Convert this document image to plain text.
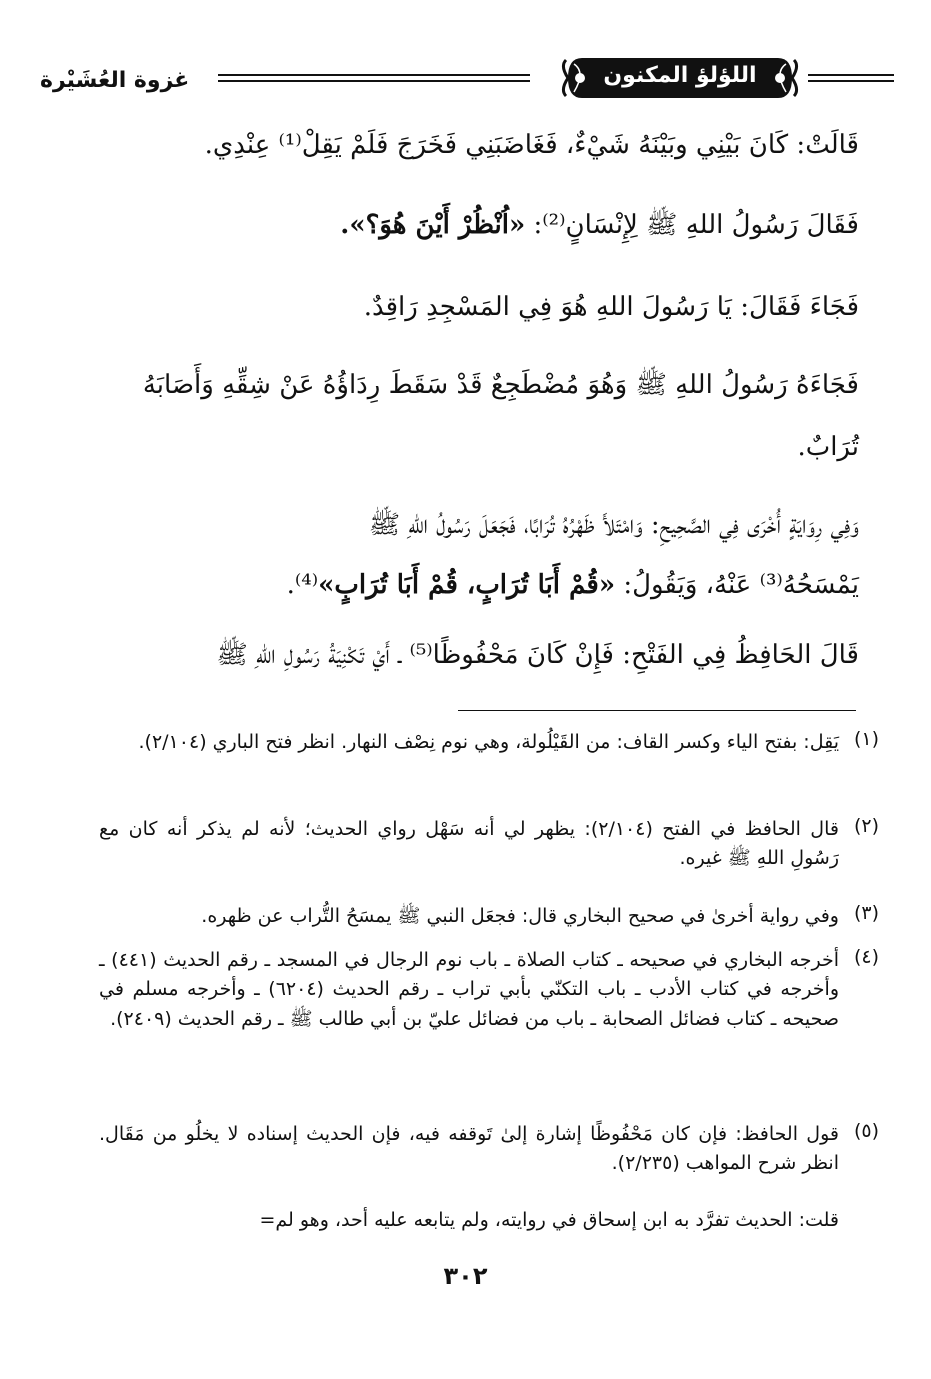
غزوة العُشَيْرة	اللؤلؤ المكنون
قَالَتْ: كَانَ بَيْنِي وبَيْنَهُ شَيْءٌ، فَغَاضَبَنِي فَخَرَجَ فَلَمْ يَقِلْ⁽¹⁾ عِنْدِي.
فَقَالَ رَسُولُ اللهِ ﷺ لِإِنْسَانٍ⁽²⁾: «اُنْظُرْ أَيْنَ هُوَ؟».
فَجَاءَ فَقَالَ: يَا رَسُولَ اللهِ هُوَ فِي المَسْجِدِ رَاقِدٌ.
فَجَاءَهُ رَسُولُ اللهِ ﷺ وَهُوَ مُضْطَجِعٌ قَدْ سَقَطَ رِدَاؤُهُ عَنْ شِقِّهِ وَأَصَابَهُ
تُرَابٌ.
وَفِي رِوَايَةٍ أُخْرَى فِي الصَّحِيحِ: وَامْتَلأَ ظَهْرُهُ تُرَابًا، فَجَعَلَ رَسُولُ اللهِ ﷺ
يَمْسَحُهُ⁽³⁾ عَنْهُ، وَيَقُولُ: «قُمْ أَبَا تُرَابٍ، قُمْ أَبَا تُرَابٍ»⁽⁴⁾.
قَالَ الحَافِظُ فِي الفَتْحِ: فَإِنْ كَانَ مَحْفُوظًا⁽⁵⁾ ـ أَيْ تَكْنِيَةُ رَسُولِ اللهِ ﷺ
(١)
يَقِل: بفتح الياء وكسر القاف: من القَيْلُولة، وهي نوم نِصْف النهار. انظر فتح الباري (٢/١٠٤).
(٢)
قال الحافظ في الفتح (٢/١٠٤): يظهر لي أنه سَهْل رواي الحديث؛ لأنه لم يذكر أنه كان مع رَسُولِ اللهِ ﷺ غيره.
(٣)
وفي رواية أخرىٰ في صحيح البخاري قال: فجعَل النبي ﷺ يمسَحُ التُّراب عن ظهره.
(٤)
أخرجه البخاري في صحيحه ـ كتاب الصلاة ـ باب نوم الرجال في المسجد ـ رقم الحديث (٤٤١) ـ وأخرجه في كتاب الأدب ـ باب التكنّي بأبي تراب ـ رقم الحديث (٦٢٠٤) ـ وأخرجه مسلم في صحيحه ـ كتاب فضائل الصحابة ـ باب من فضائل عليّ بن أبي طالب ﷺ ـ رقم الحديث (٢٤٠٩).
(٥)
قول الحافظ: فإن كان مَحْفُوظًا إشارة إلىٰ تَوقفه فيه، فإن الحديث إسناده لا يخلُو من مَقَال. انظر شرح المواهب (٢/٢٣٥).
قلت: الحديث تفرَّد به ابن إسحاق في روايته، ولم يتابعه عليه أحد، وهو لم=
٣٠٢
